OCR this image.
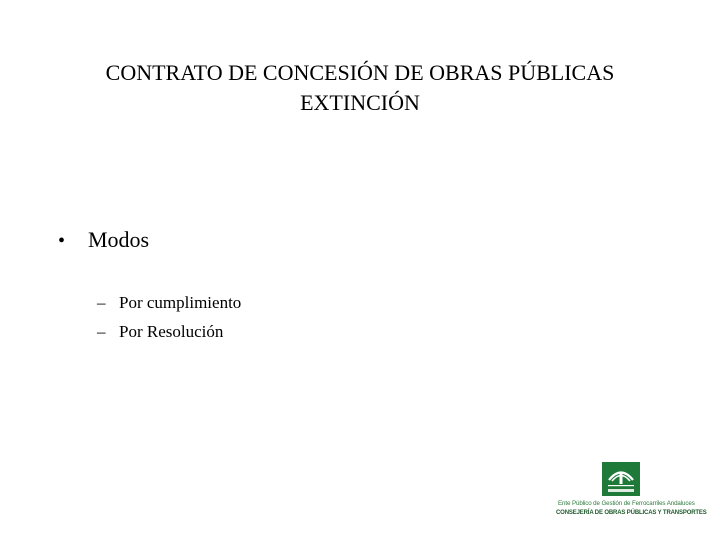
CONTRATO DE CONCESIÓN DE OBRAS PÚBLICAS
EXTINCIÓN
•	Modos
– Por cumplimiento
– Por Resolución
Ente Público de Gestión de Ferrocarriles Andaluces
CONSEJERÍA DE OBRAS PÚBLICAS Y TRANSPORTES
